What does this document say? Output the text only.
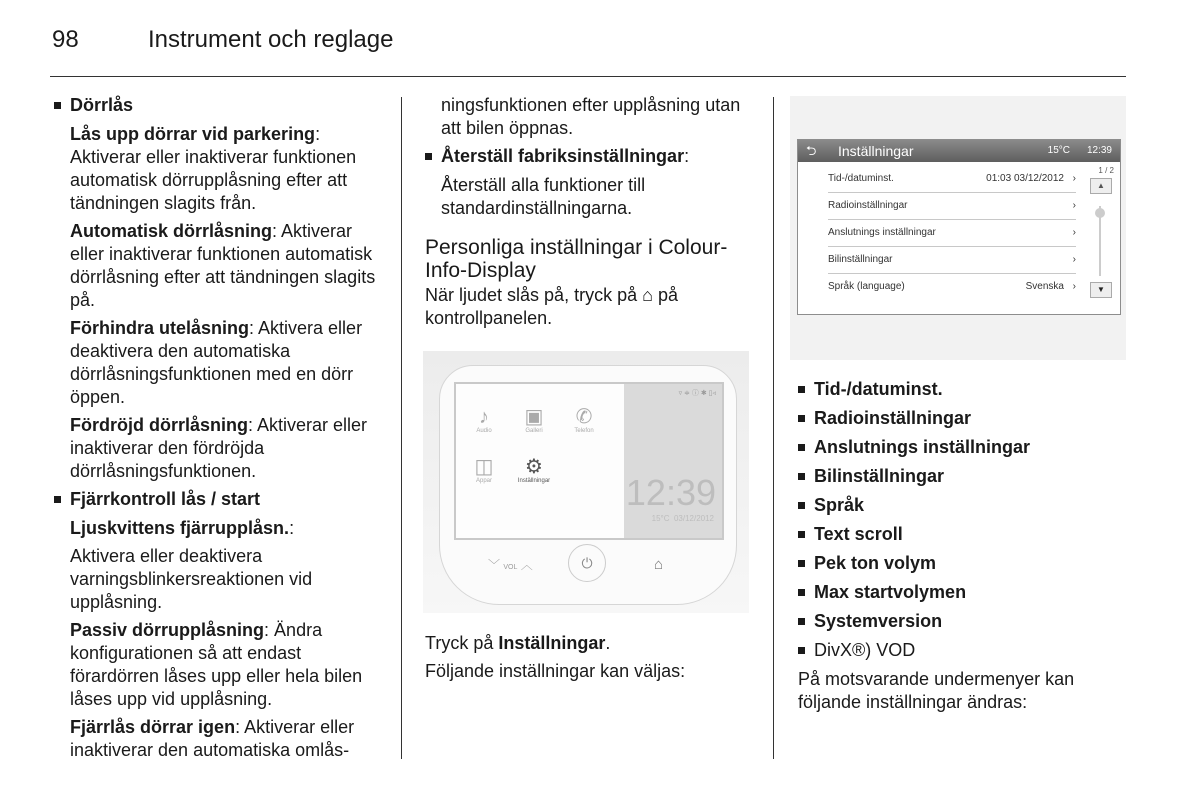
98	Instrument och reglage
Dörrlås

Lås upp dörrar vid parkering: Aktiverar eller inaktiverar funktionen automatisk dörrupplåsning efter att tändningen slagits från.

Automatisk dörrlåsning: Aktiverar eller inaktiverar funktionen automatisk dörrlåsning efter att tändningen slagits på.

Förhindra utelåsning: Aktivera eller deaktivera den automatiska dörrlåsningsfunktionen med en dörr öppen.

Fördröjd dörrlåsning: Aktiverar eller inaktiverar den fördröjda dörrlåsningsfunktionen.

Fjärrkontroll lås / start

Ljuskvittens fjärrupplåsn.:

Aktivera eller deaktivera varningsblinkersreaktionen vid upplåsning.

Passiv dörrupplåsning: Ändra konfigurationen så att endast förardörren låses upp eller hela bilen låses upp vid upplåsning.

Fjärrlås dörrar igen: Aktiverar eller inaktiverar den automatiska omlås-

ningsfunktionen efter upplåsning utan att bilen öppnas.

Återställ fabriksinställningar:

Återställ alla funktioner till standardinställningarna.

Personliga inställningar i Colour-Info-Display

När ljudet slås på, tryck på ⌂ på kontrollpanelen.

♪
Audio
▣
Galleri
✆
Telefon
◫
Appar
⚙
Inställningar
▿ ≑ ⓘ ✱ ▯◃
12:39
15°C 03/12/2012
﹀ VOL ︿	⏻	⌂

Tryck på Inställningar.

Följande inställningar kan väljas:

⮌ Inställningar	15°C 12:39
Tid-/datuminst.	01:03 03/12/2012 ›
Radioinställningar	›
Anslutnings inställningar	›
Bilinställningar	›
Språk (language)	Svenska ›
1 / 2
▲
▼
Tid-/datuminst.
Radioinställningar
Anslutnings inställningar
Bilinställningar
Språk
Text scroll
Pek ton volym
Max startvolymen
Systemversion
DivX®) VOD

På motsvarande undermenyer kan följande inställningar ändras:
